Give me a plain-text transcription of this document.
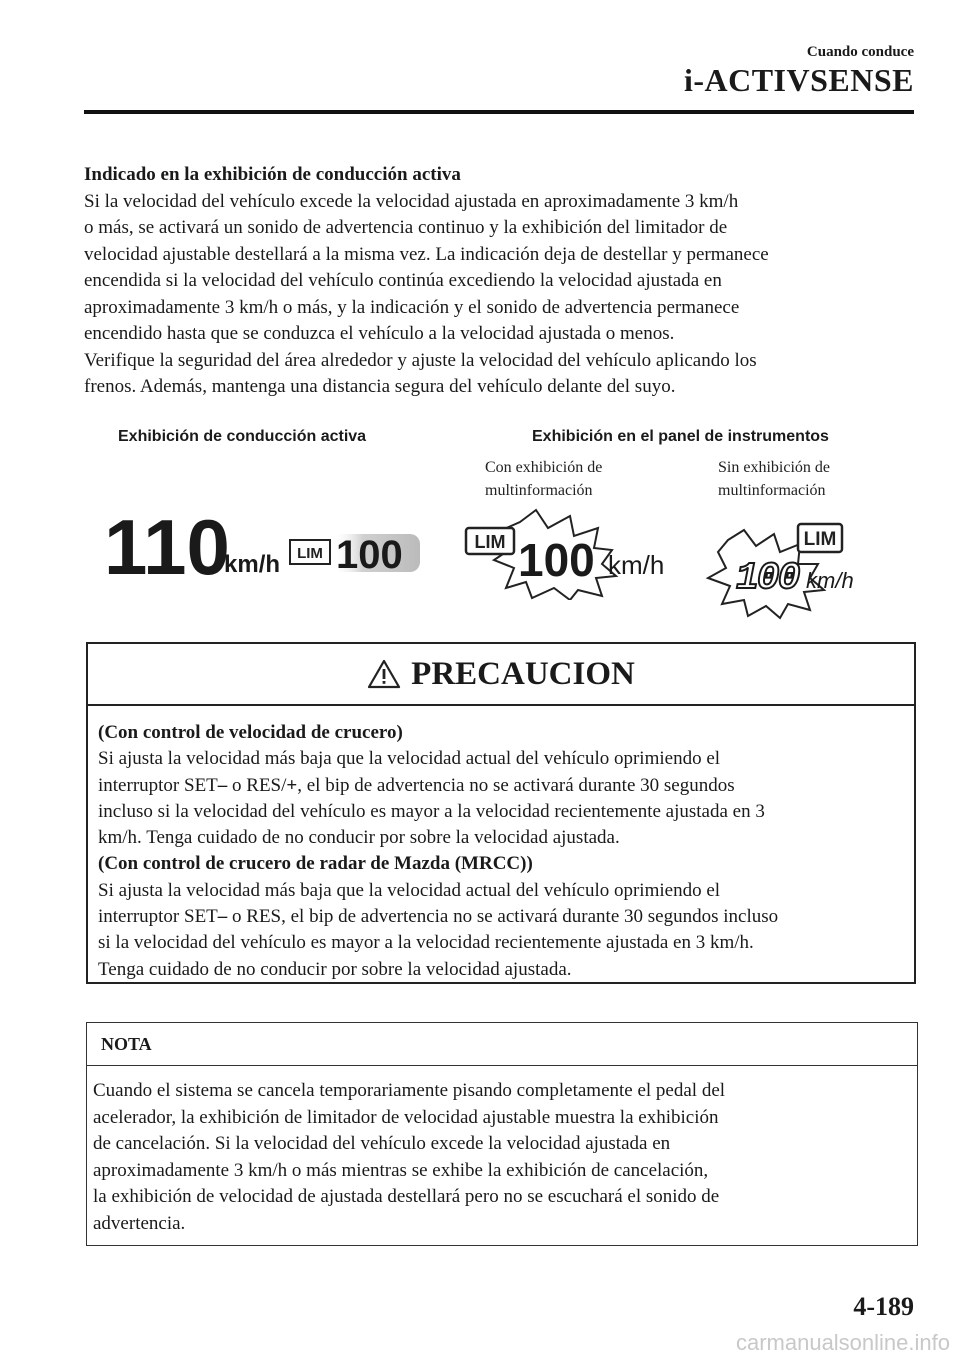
Cuando conduce
i-ACTIVSENSE

Indicado en la exhibición de conducción activa

Si la velocidad del vehículo excede la velocidad ajustada en aproximadamente 3 km/h

o más, se activará un sonido de advertencia continuo y la exhibición del limitador de

velocidad ajustable destellará a la misma vez. La indicación deja de destellar y permanece

encendida si la velocidad del vehículo continúa excediendo la velocidad ajustada en

aproximadamente 3 km/h o más, y la indicación y el sonido de advertencia permanece

encendido hasta que se conduzca el vehículo a la velocidad ajustada o menos.

Verifique la seguridad del área alrededor y ajuste la velocidad del vehículo aplicando los

frenos. Además, mantenga una distancia segura del vehículo delante del suyo.

Exhibición de conducción activa	Exhibición en el panel de instrumentos
Con exhibición de
multinformación
Sin exhibición de
multinformación
110
km/h LIM 100	LIM 100 km/h
LIM
100 km/h
PRECAUCION

(Con control de velocidad de crucero)

Si ajusta la velocidad más baja que la velocidad actual del vehículo oprimiendo el

interruptor SET– o RES/+, el bip de advertencia no se activará durante 30 segundos

incluso si la velocidad del vehículo es mayor a la velocidad recientemente ajustada en 3

km/h. Tenga cuidado de no conducir por sobre la velocidad ajustada.

(Con control de crucero de radar de Mazda (MRCC))

Si ajusta la velocidad más baja que la velocidad actual del vehículo oprimiendo el

interruptor SET– o RES, el bip de advertencia no se activará durante 30 segundos incluso

si la velocidad del vehículo es mayor a la velocidad recientemente ajustada en 3 km/h.

Tenga cuidado de no conducir por sobre la velocidad ajustada.

NOTA
Cuando el sistema se cancela temporariamente pisando completamente el pedal del
acelerador, la exhibición de limitador de velocidad ajustable muestra la exhibición
de cancelación. Si la velocidad del vehículo excede la velocidad ajustada en
aproximadamente 3 km/h o más mientras se exhibe la exhibición de cancelación,
la exhibición de velocidad de ajustada destellará pero no se escuchará el sonido de
advertencia.
4-189
carmanualsonline.info
